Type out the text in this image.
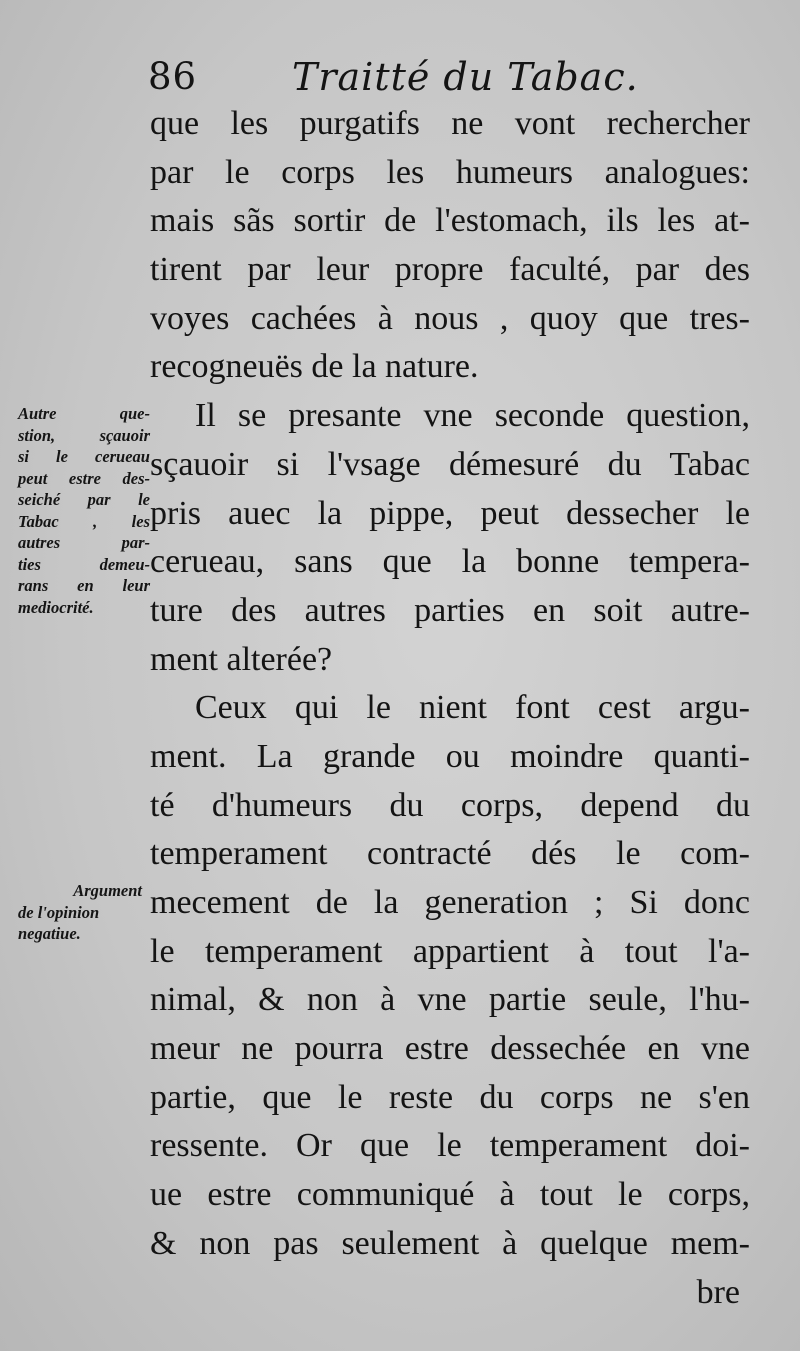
86 Traitté du Tabac.
que les purgatifs ne vont rechercher
par le corps les humeurs analogues:
mais sãs sortir de l'estomach, ils les at-
tirent par leur propre faculté, par des
voyes cachées à nous , quoy que tres-
recogneuës de la nature.
Il se presante vne seconde question,
sçauoir si l'vsage démesuré du Tabac
pris auec la pippe, peut dessecher le
cerueau, sans que la bonne tempera-
ture des autres parties en soit autre-
ment alterée?
Ceux qui le nient font cest argu-
ment. La grande ou moindre quanti-
té d'humeurs du corps, depend du
temperament contracté dés le com-
mecement de la generation ; Si donc
le temperament appartient à tout l'a-
nimal, & non à vne partie seule, l'hu-
meur ne pourra estre dessechée en vne
partie, que le reste du corps ne s'en
ressente. Or que le temperament doi-
ue estre communiqué à tout le corps,
& non pas seulement à quelque mem-
bre
Autre que-
stion, sçauoir
si le cerueau
peut estre des-
seiché par le
Tabac , les
autres par-
ties demeu-
rans en leur
mediocrité.
Argument
de l'opinion
negatiue.
